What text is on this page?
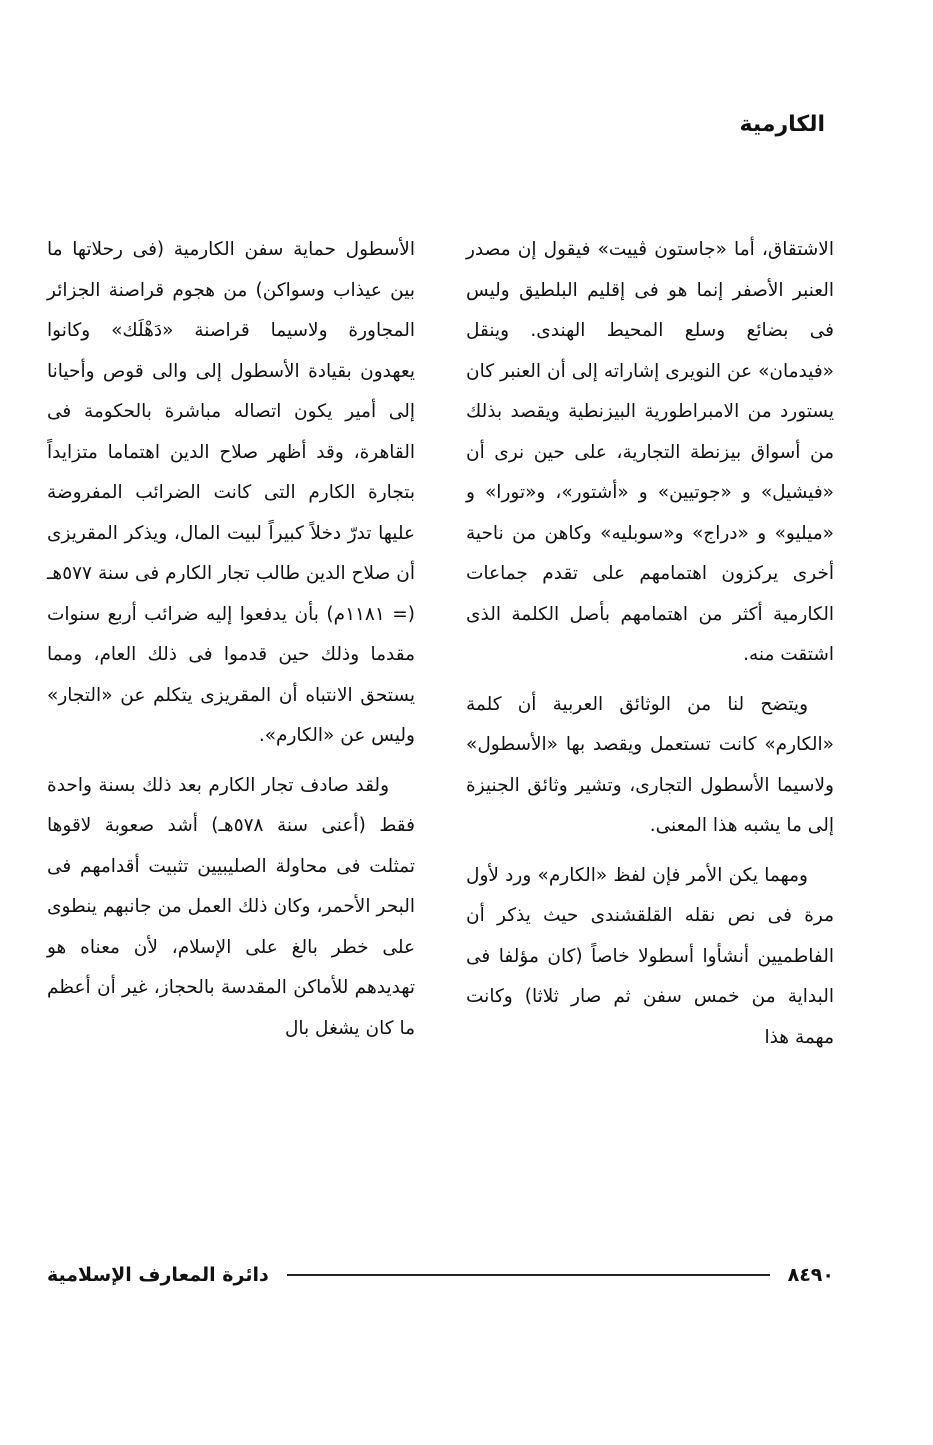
الكارمية

الاشتقاق، أما «جاستون ڤييت» فيقول إن مصدر العنبر الأصفر إنما هو فى إقليم البلطيق وليس فى بضائع وسلع المحيط الهندى. وينقل «فيدمان» عن النويرى إشاراته إلى أن العنبر كان يستورد من الامبراطورية البيزنطية ويقصد بذلك من أسواق بيزنطة التجارية، على حين نرى أن «فيشيل» و «جوتيين» و «أشتور»، و«تورا» و «ميليو» و «دراج» و«سوبليه» وكاهن من ناحية أخرى يركزون اهتمامهم على تقدم جماعات الكارمية أكثر من اهتمامهم بأصل الكلمة الذى اشتقت منه.

ويتضح لنا من الوثائق العربية أن كلمة «الكارم» كانت تستعمل ويقصد بها «الأسطول» ولاسيما الأسطول التجارى، وتشير وثائق الجنيزة إلى ما يشبه هذا المعنى.

ومهما يكن الأمر فإن لفظ «الكارم» ورد لأول مرة فى نص نقله القلقشندى حيث يذكر أن الفاطميين أنشأوا أسطولا خاصاً (كان مؤلفا فى البداية من خمس سفن ثم صار ثلاثا) وكانت مهمة هذا

الأسطول حماية سفن الكارمية (فى رحلاتها ما بين عيذاب وسواكن) من هجوم قراصنة الجزائر المجاورة ولاسيما قراصنة «دَهْلَك» وكانوا يعهدون بقيادة الأسطول إلى والى قوص وأحيانا إلى أمير يكون اتصاله مباشرة بالحكومة فى القاهرة، وقد أظهر صلاح الدين اهتماما متزايداً بتجارة الكارم التى كانت الضرائب المفروضة عليها تدرّ دخلاً كبيراً لبيت المال، ويذكر المقريزى أن صلاح الدين طالب تجار الكارم فى سنة ٥٧٧هـ (= ١١٨١م) بأن يدفعوا إليه ضرائب أربع سنوات مقدما وذلك حين قدموا فى ذلك العام، ومما يستحق الانتباه أن المقريزى يتكلم عن «التجار» وليس عن «الكارم».

ولقد صادف تجار الكارم بعد ذلك بسنة واحدة فقط (أعنى سنة ٥٧٨هـ) أشد صعوبة لاقوها تمثلت فى محاولة الصليبيين تثبيت أقدامهم فى البحر الأحمر، وكان ذلك العمل من جانبهم ينطوى على خطر بالغ على الإسلام، لأن معناه هو تهديدهم للأماكن المقدسة بالحجاز، غير أن أعظم ما كان يشغل بال

٨٤٩٠
دائرة المعارف الإسلامية
